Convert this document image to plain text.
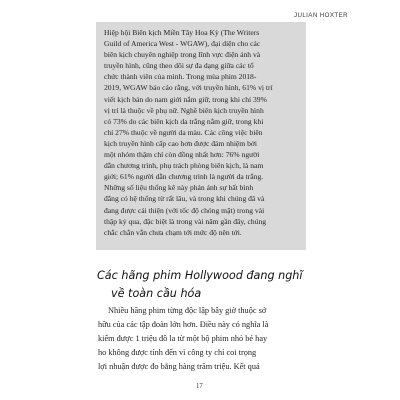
JULIAN HOXTER
Hiệp hội Biên kịch Miền Tây Hoa Kỳ (The Writers
Guild of America West - WGAW), đại diện cho các
biên kịch chuyên nghiệp trong lĩnh vực điện ảnh và
truyền hình, cũng theo dõi sự đa dạng giữa các tổ
chức thành viên của mình. Trong mùa phim 2018-
2019, WGAW báo cáo rằng, với truyền hình, 61% vị trí
viết kịch bản do nam giới nắm giữ, trong khi chỉ 39%
vị trí là thuộc về phụ nữ. Nghề biên kịch truyền hình
có 73% do các biên kịch da trắng nắm giữ, trong khi
chỉ 27% thuộc về người da màu. Các công việc biên
kịch truyền hình cấp cao hơn được đảm nhiệm bởi
một nhóm thậm chí còn đồng nhất hơn: 76% người
dẫn chương trình, phụ trách phòng biên kịch, là nam
giới; 61% người dẫn chương trình là người da trắng.
Những số liệu thống kê này phản ánh sự bất bình
đẳng có hệ thống từ rất lâu, và trong khi chúng đã và
đang được cải thiện (với tốc độ chóng mặt) trong vài
thập kỷ qua, đặc biệt là trong vài năm gần đây, chúng
chắc chắn vẫn chưa chạm tới mức độ nên tới.
Các hãng phim Hollywood đang nghĩ
về toàn cầu hóa
Nhiều hãng phim từng độc lập bây giờ thuộc sở
hữu của các tập đoàn lớn hơn. Điều này có nghĩa là
kiếm được 1 triệu đô la từ một bộ phim nhỏ bé hay
ho không được tính đến vì công ty chỉ coi trọng
lợi nhuận được đo bằng hàng trăm triệu. Kết quả
17
